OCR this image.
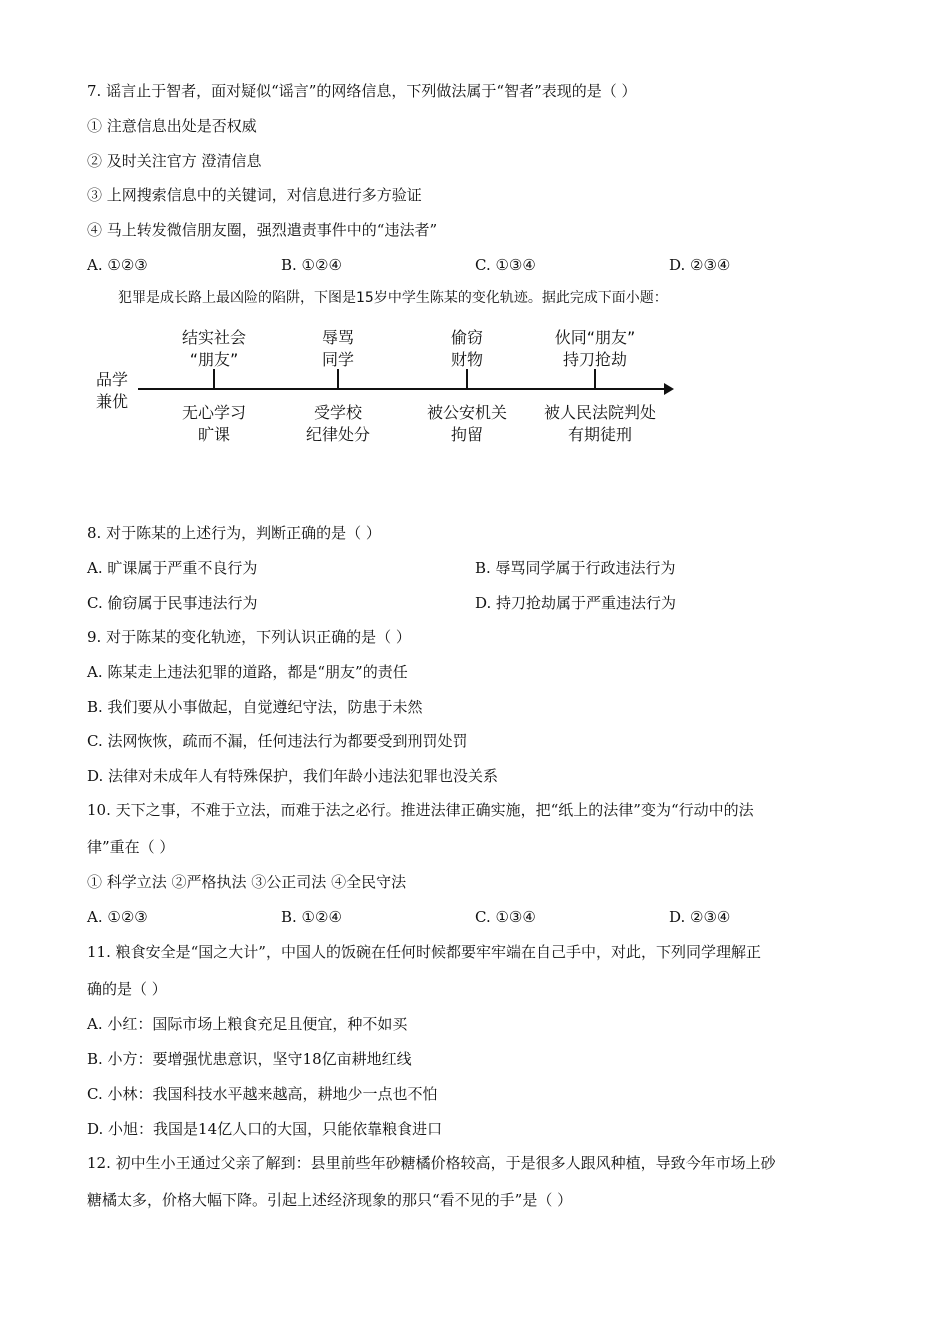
7. 谣言止于智者，面对疑似“谣言”的网络信息，下列做法属于“智者”表现的是（ ）
① 注意信息出处是否权威
② 及时关注官方 澄清信息
③ 上网搜索信息中的关键词，对信息进行多方验证
④ 马上转发微信朋友圈，强烈遣责事件中的“违法者”
A. ①②③	B. ①②④	C. ①③④	D. ②③④
犯罪是成长路上最凶险的陷阱，下图是15岁中学生陈某的变化轨迹。据此完成下面小题：
品学
兼优
结实社会
“朋友”
辱骂
同学
偷窃
财物
伙同“朋友”
持刀抢劫
无心学习
旷课
受学校
纪律处分
被公安机关
拘留
被人民法院判处
有期徒刑
8. 对于陈某的上述行为，判断正确的是（ ）
A. 旷课属于严重不良行为	B. 辱骂同学属于行政违法行为
C. 偷窃属于民事违法行为	D. 持刀抢劫属于严重违法行为
9. 对于陈某的变化轨迹，下列认识正确的是（ ）
A. 陈某走上违法犯罪的道路，都是“朋友”的责任
B. 我们要从小事做起，自觉遵纪守法，防患于未然
C. 法网恢恢，疏而不漏，任何违法行为都要受到刑罚处罚
D. 法律对未成年人有特殊保护，我们年龄小违法犯罪也没关系
10. 天下之事，不难于立法，而难于法之必行。推进法律正确实施，把“纸上的法律”变为“行动中的法
律”重在（ ）
① 科学立法 ②严格执法 ③公正司法 ④全民守法
A. ①②③	B. ①②④	C. ①③④	D. ②③④
11. 粮食安全是“国之大计”，中国人的饭碗在任何时候都要牢牢端在自己手中，对此，下列同学理解正
确的是（ ）
A. 小红：国际市场上粮食充足且便宜，种不如买
B. 小方：要增强忧患意识，坚守18亿亩耕地红线
C. 小林：我国科技水平越来越高，耕地少一点也不怕
D. 小旭：我国是14亿人口的大国，只能依靠粮食进口
12. 初中生小王通过父亲了解到：县里前些年砂糖橘价格较高，于是很多人跟风种植，导致今年市场上砂
糖橘太多，价格大幅下降。引起上述经济现象的那只“看不见的手”是（ ）
